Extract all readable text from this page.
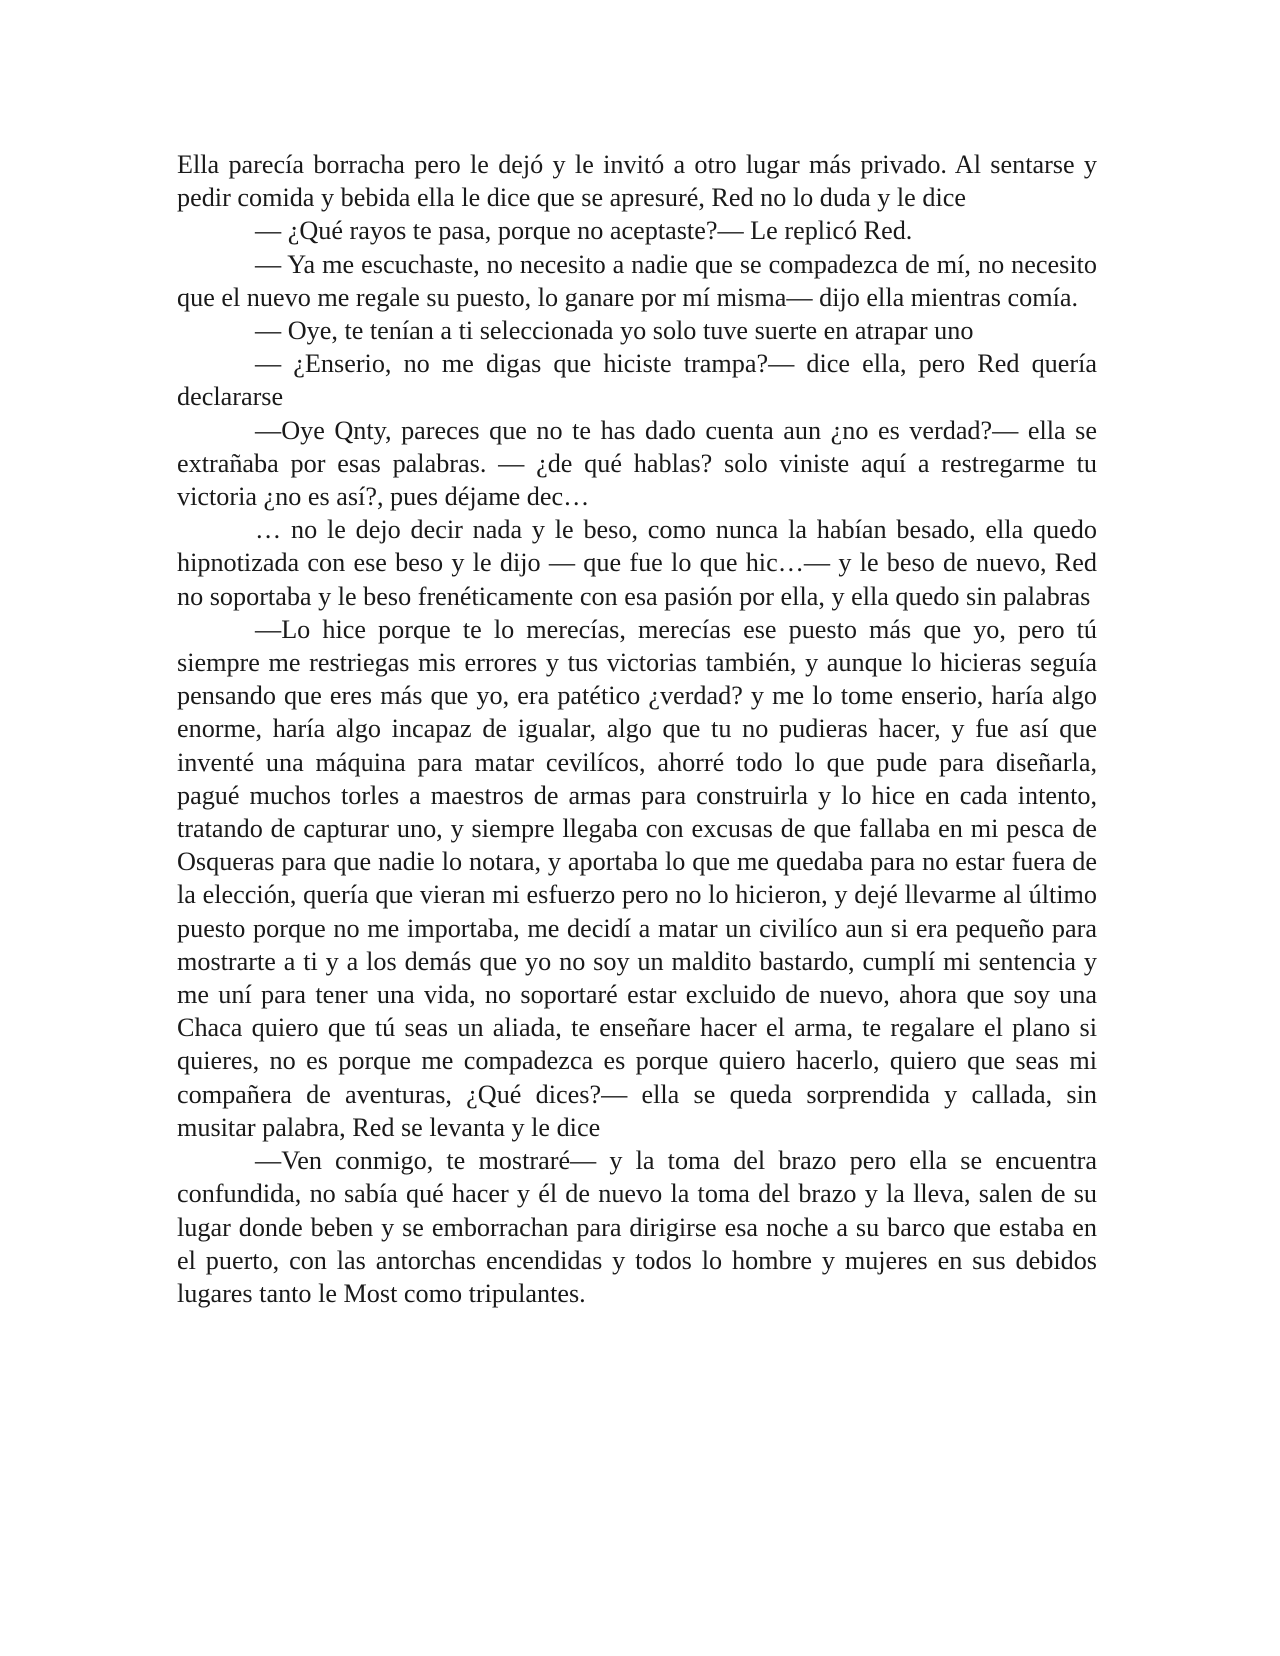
Ella parecía borracha pero le dejó y le invitó a otro lugar más privado. Al sentarse y pedir comida y bebida ella le dice que se apresuré, Red no lo duda y le dice

— ¿Qué rayos te pasa, porque no aceptaste?— Le replicó Red.

— Ya me escuchaste, no necesito a nadie que se compadezca de mí, no necesito que el nuevo me regale su puesto, lo ganare por mí misma— dijo ella mientras comía.

— Oye, te tenían a ti seleccionada yo solo tuve suerte en atrapar uno

— ¿Enserio, no me digas que hiciste trampa?— dice ella, pero Red quería declararse

—Oye Qnty, pareces que no te has dado cuenta aun ¿no es verdad?— ella se extrañaba por esas palabras. — ¿de qué hablas? solo viniste aquí a restregarme tu victoria ¿no es así?, pues déjame dec…

… no le dejo decir nada y le beso, como nunca la habían besado, ella quedo hipnotizada con ese beso y le dijo — que fue lo que hic…— y le beso de nuevo, Red no soportaba y le beso frenéticamente con esa pasión por ella, y ella quedo sin palabras

—Lo hice porque te lo merecías, merecías ese puesto más que yo, pero tú siempre me restriegas mis errores y tus victorias también, y aunque lo hicieras seguía pensando que eres más que yo, era patético ¿verdad? y me lo tome enserio, haría algo enorme, haría algo incapaz de igualar, algo que tu no pudieras hacer, y fue así que inventé una máquina para matar cevilícos, ahorré todo lo que pude para diseñarla, pagué muchos torles a maestros de armas para construirla y lo hice en cada intento, tratando de capturar uno, y siempre llegaba con excusas de que fallaba en mi pesca de Osqueras para que nadie lo notara, y aportaba lo que me quedaba para no estar fuera de la elección, quería que vieran mi esfuerzo pero no lo hicieron, y dejé llevarme al último puesto porque no me importaba, me decidí a matar un civilíco aun si era pequeño para mostrarte a ti y a los demás que yo no soy un maldito bastardo, cumplí mi sentencia y me uní para tener una vida, no soportaré estar excluido de nuevo, ahora que soy una Chaca quiero que tú seas un aliada, te enseñare hacer el arma, te regalare el plano si quieres, no es porque me compadezca es porque quiero hacerlo, quiero que seas mi compañera de aventuras, ¿Qué dices?— ella se queda sorprendida y callada, sin musitar palabra, Red se levanta y le dice

—Ven conmigo, te mostraré— y la toma del brazo pero ella se encuentra confundida, no sabía qué hacer y él de nuevo la toma del brazo y la lleva, salen de su lugar donde beben y se emborrachan para dirigirse esa noche a su barco que estaba en el puerto, con las antorchas encendidas y todos lo hombre y mujeres en sus debidos lugares tanto le Most como tripulantes.
